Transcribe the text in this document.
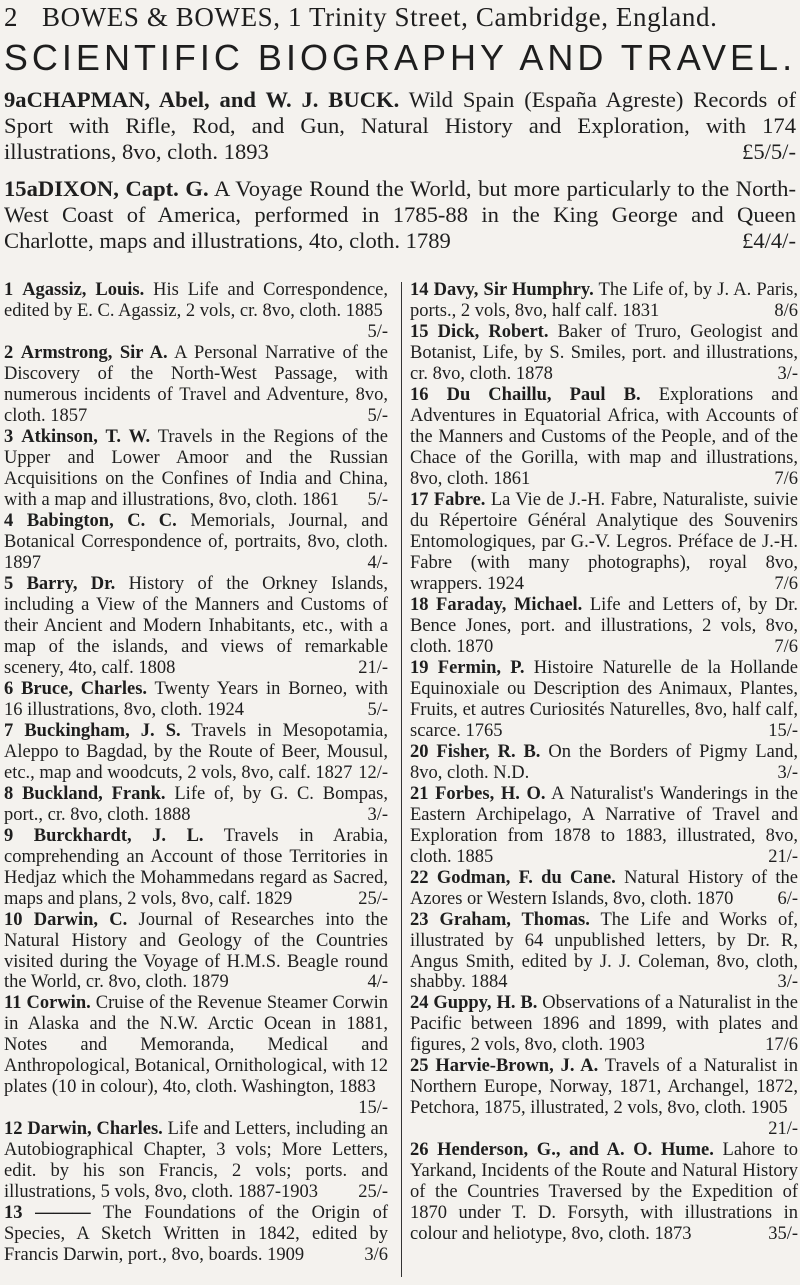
2 BOWES & BOWES, 1 Trinity Street, Cambridge, England.
SCIENTIFIC BIOGRAPHY AND TRAVEL.

9aCHAPMAN, Abel, and W. J. BUCK. Wild Spain (España Agreste) Records of Sport with Rifle, Rod, and Gun, Natural History and Exploration, with 174 illustrations, 8vo, cloth. 1893	£5/5/-

15aDIXON, Capt. G. A Voyage Round the World, but more particularly to the North-West Coast of America, performed in 1785-88 in the King George and Queen Charlotte, maps and illustrations, 4to, cloth. 1789	£4/4/-

1 Agassiz, Louis. His Life and Correspondence, edited by E. C. Agassiz, 2 vols, cr. 8vo, cloth. 1885
5/-

2 Armstrong, Sir A. A Personal Narrative of the Discovery of the North-West Passage, with numerous incidents of Travel and Adventure, 8vo, cloth. 1857	5/-

3 Atkinson, T. W. Travels in the Regions of the Upper and Lower Amoor and the Russian Acquisitions on the Confines of India and China, with a map and illustrations, 8vo, cloth. 1861 5/-

4 Babington, C. C. Memorials, Journal, and Botanical Correspondence of, portraits, 8vo, cloth. 1897	4/-

5 Barry, Dr. History of the Orkney Islands, including a View of the Manners and Customs of their Ancient and Modern Inhabitants, etc., with a map of the islands, and views of remarkable scenery, 4to, calf. 1808	21/-

6 Bruce, Charles. Twenty Years in Borneo, with 16 illustrations, 8vo, cloth. 1924	5/-

7 Buckingham, J. S. Travels in Mesopotamia, Aleppo to Bagdad, by the Route of Beer, Mousul, etc., map and woodcuts, 2 vols, 8vo, calf. 1827 12/-

8 Buckland, Frank. Life of, by G. C. Bompas, port., cr. 8vo, cloth. 1888	3/-

9 Burckhardt, J. L. Travels in Arabia, comprehending an Account of those Territories in Hedjaz which the Mohammedans regard as Sacred, maps and plans, 2 vols, 8vo, calf. 1829	25/-

10 Darwin, C. Journal of Researches into the Natural History and Geology of the Countries visited during the Voyage of H.M.S. Beagle round the World, cr. 8vo, cloth. 1879	4/-

11 Corwin. Cruise of the Revenue Steamer Corwin in Alaska and the N.W. Arctic Ocean in 1881, Notes and Memoranda, Medical and Anthropological, Botanical, Ornithological, with 12 plates (10 in colour), 4to, cloth. Washington, 1883
15/-

12 Darwin, Charles. Life and Letters, including an Autobiographical Chapter, 3 vols; More Letters, edit. by his son Francis, 2 vols; ports. and illustrations, 5 vols, 8vo, cloth. 1887-1903 25/-

13 ——— The Foundations of the Origin of Species, A Sketch Written in 1842, edited by Francis Darwin, port., 8vo, boards. 1909	3/6

14 Davy, Sir Humphry. The Life of, by J. A. Paris, ports., 2 vols, 8vo, half calf. 1831	8/6

15 Dick, Robert. Baker of Truro, Geologist and Botanist, Life, by S. Smiles, port. and illustrations, cr. 8vo, cloth. 1878	3/-

16 Du Chaillu, Paul B. Explorations and Adventures in Equatorial Africa, with Accounts of the Manners and Customs of the People, and of the Chace of the Gorilla, with map and illustrations, 8vo, cloth. 1861	7/6

17 Fabre. La Vie de J.-H. Fabre, Naturaliste, suivie du Répertoire Général Analytique des Souvenirs Entomologiques, par G.-V. Legros. Préface de J.-H. Fabre (with many photographs), royal 8vo, wrappers. 1924	7/6

18 Faraday, Michael. Life and Letters of, by Dr. Bence Jones, port. and illustrations, 2 vols, 8vo, cloth. 1870	7/6

19 Fermin, P. Histoire Naturelle de la Hollande Equinoxiale ou Description des Animaux, Plantes, Fruits, et autres Curiosités Naturelles, 8vo, half calf, scarce. 1765	15/-

20 Fisher, R. B. On the Borders of Pigmy Land, 8vo, cloth. N.D.	3/-

21 Forbes, H. O. A Naturalist's Wanderings in the Eastern Archipelago, A Narrative of Travel and Exploration from 1878 to 1883, illustrated, 8vo, cloth. 1885	21/-

22 Godman, F. du Cane. Natural History of the Azores or Western Islands, 8vo, cloth. 1870 6/-

23 Graham, Thomas. The Life and Works of, illustrated by 64 unpublished letters, by Dr. R, Angus Smith, edited by J. J. Coleman, 8vo, cloth, shabby. 1884	3/-

24 Guppy, H. B. Observations of a Naturalist in the Pacific between 1896 and 1899, with plates and figures, 2 vols, 8vo, cloth. 1903	17/6

25 Harvie-Brown, J. A. Travels of a Naturalist in Northern Europe, Norway, 1871, Archangel, 1872, Petchora, 1875, illustrated, 2 vols, 8vo, cloth. 1905
21/-

26 Henderson, G., and A. O. Hume. Lahore to Yarkand, Incidents of the Route and Natural History of the Countries Traversed by the Expedition of 1870 under T. D. Forsyth, with illustrations in colour and heliotype, 8vo, cloth. 1873	35/-
